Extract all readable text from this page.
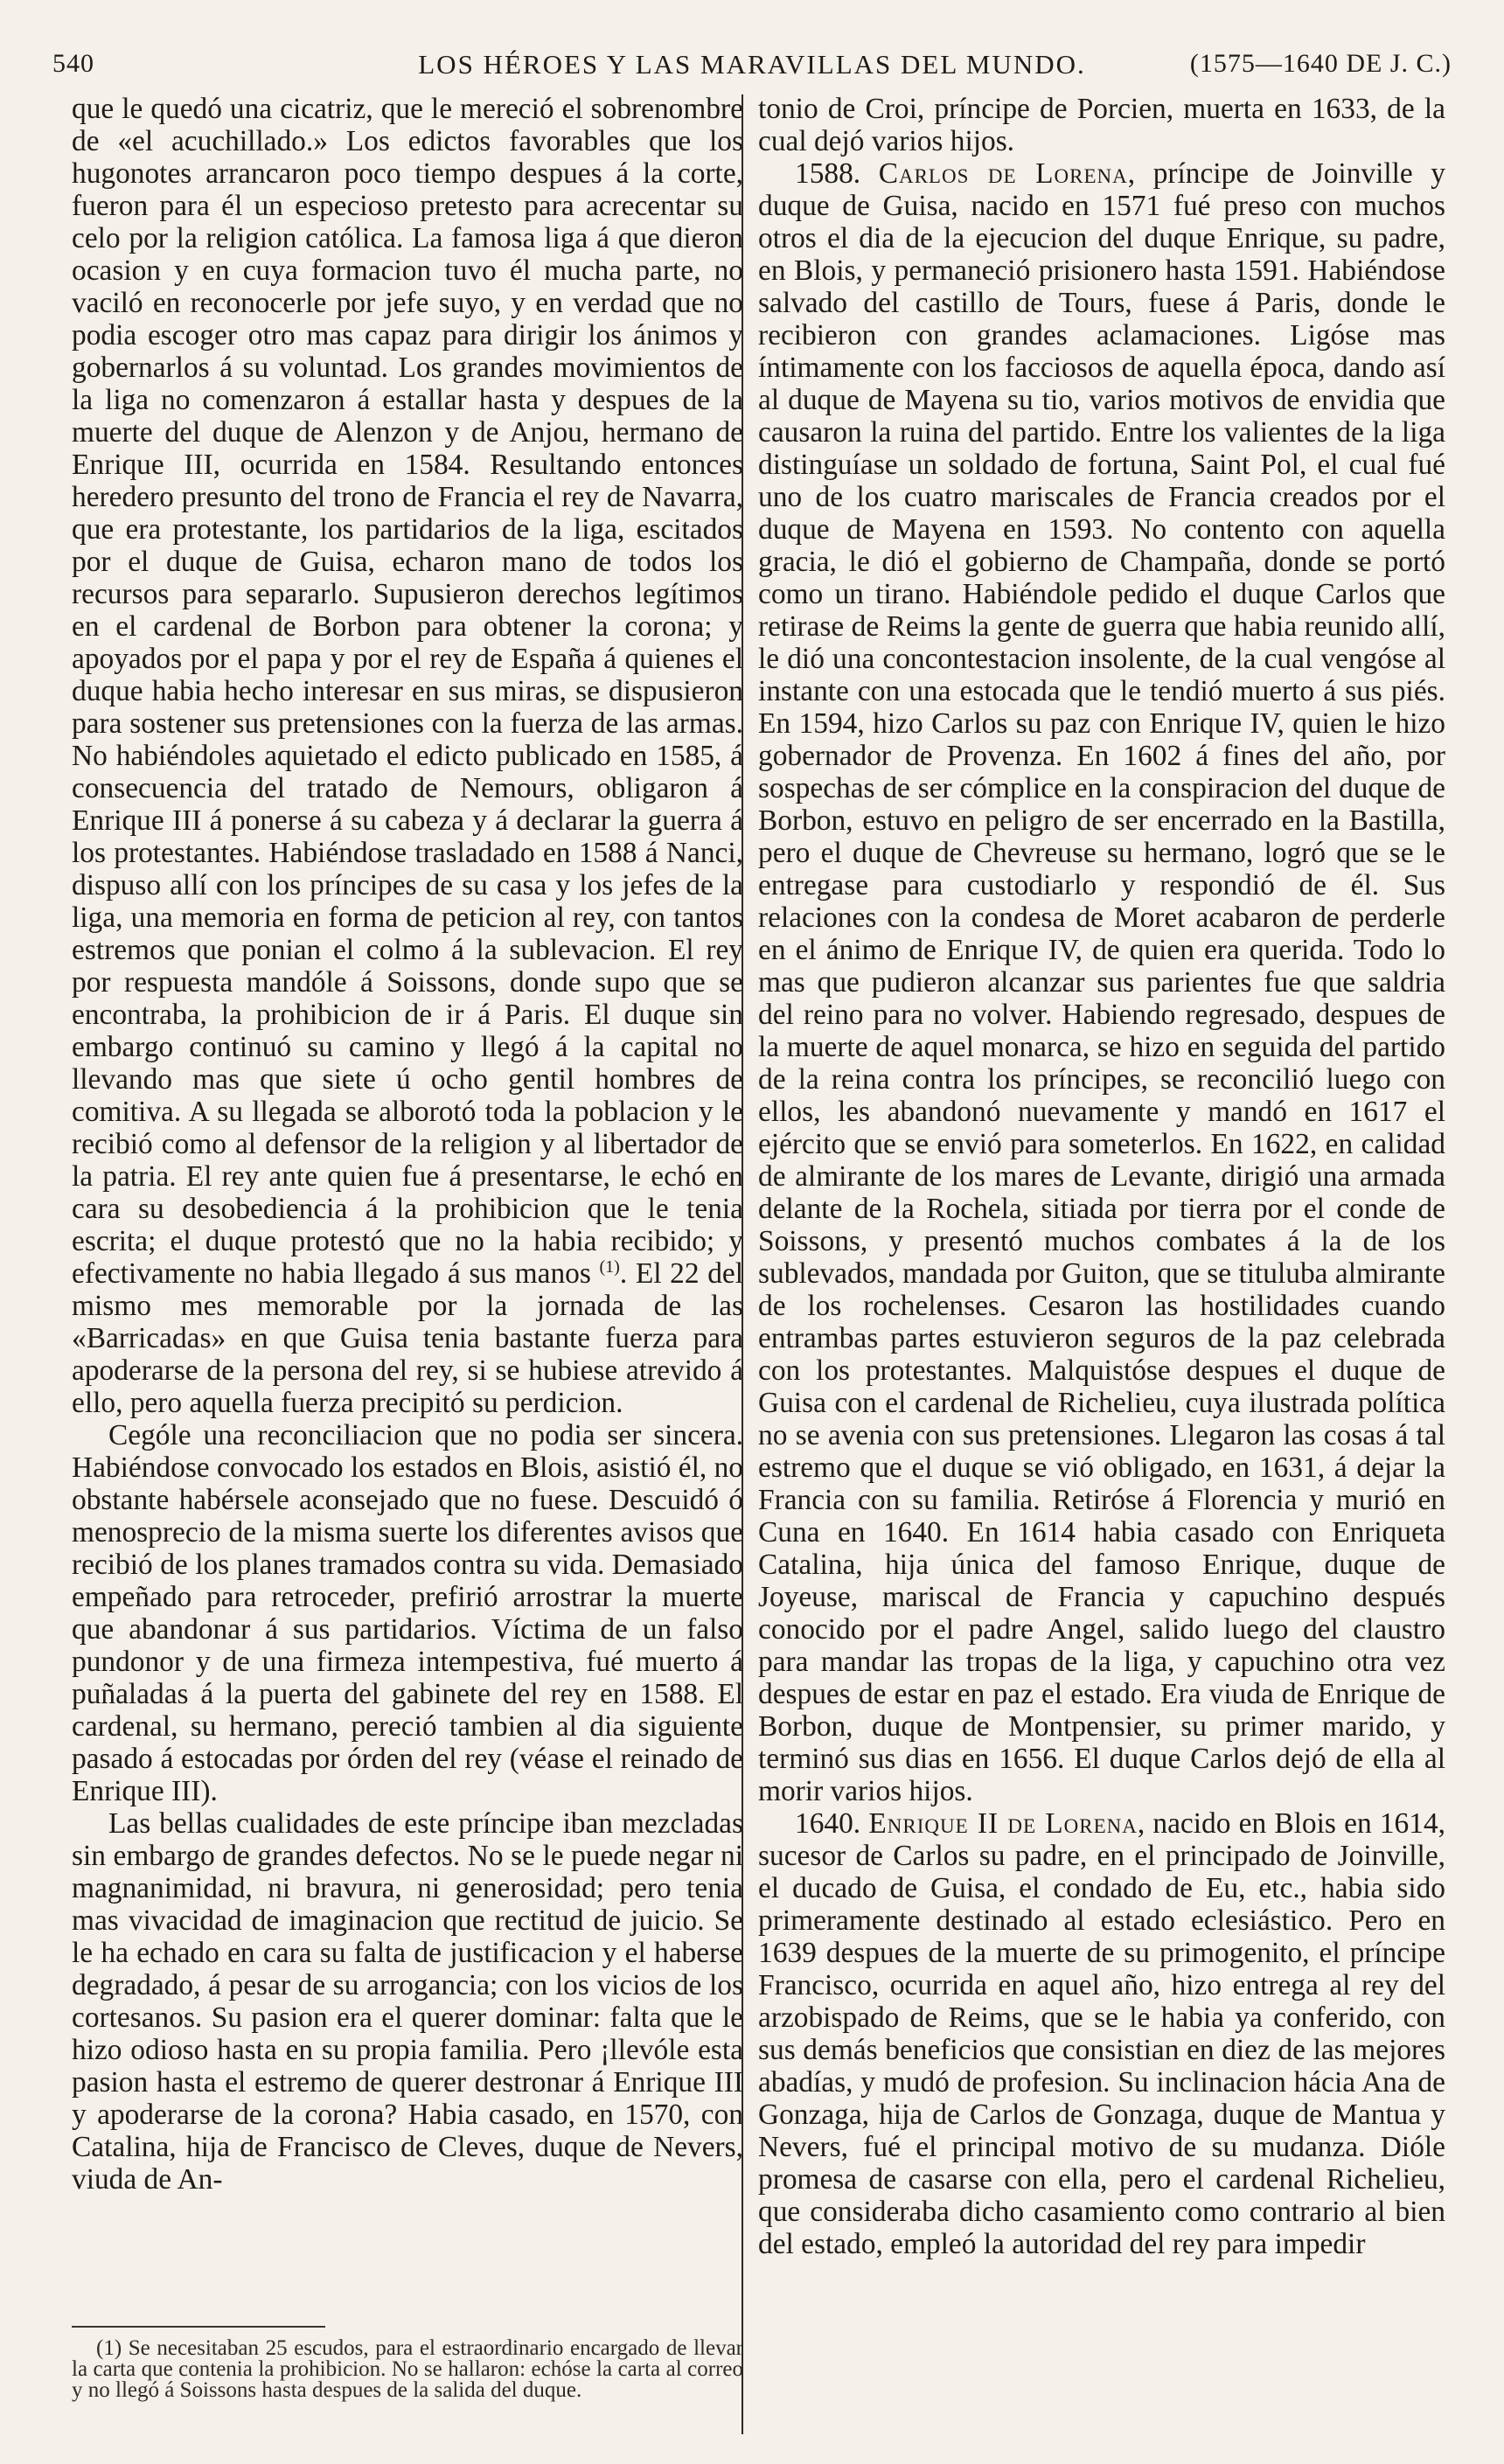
540	LOS HÉROES Y LAS MARAVILLAS DEL MUNDO.	(1575—1640 DE J. C.)

que le quedó una cicatriz, que le mereció el sobrenombre de «el acuchillado.» Los edictos favorables que los hugonotes arrancaron poco tiempo despues á la corte, fueron para él un especioso pretesto para acrecentar su celo por la religion católica. La famosa liga á que dieron ocasion y en cuya formacion tuvo él mucha parte, no vaciló en reconocerle por jefe suyo, y en verdad que no podia escoger otro mas capaz para dirigir los ánimos y gobernarlos á su voluntad. Los grandes movimientos de la liga no comenzaron á estallar hasta y despues de la muerte del duque de Alenzon y de Anjou, hermano de Enrique III, ocurrida en 1584. Resultando entonces heredero presunto del trono de Francia el rey de Navarra, que era protestante, los partidarios de la liga, escitados por el duque de Guisa, echaron mano de todos los recursos para separarlo. Supusieron derechos legítimos en el cardenal de Borbon para obtener la corona; y apoyados por el papa y por el rey de España á quienes el duque habia hecho interesar en sus miras, se dispusieron para sostener sus pretensiones con la fuerza de las armas. No habiéndoles aquietado el edicto publicado en 1585, á consecuencia del tratado de Nemours, obligaron á Enrique III á ponerse á su cabeza y á declarar la guerra á los protestantes. Habiéndose trasladado en 1588 á Nanci, dispuso allí con los príncipes de su casa y los jefes de la liga, una memoria en forma de peticion al rey, con tantos estremos que ponian el colmo á la sublevacion. El rey por respuesta mandóle á Soissons, donde supo que se encontraba, la prohibicion de ir á Paris. El duque sin embargo continuó su camino y llegó á la capital no llevando mas que siete ú ocho gentil hombres de comitiva. A su llegada se alborotó toda la poblacion y le recibió como al defensor de la religion y al libertador de la patria. El rey ante quien fue á presentarse, le echó en cara su desobediencia á la prohibicion que le tenia escrita; el duque protestó que no la habia recibido; y efectivamente no habia llegado á sus manos $^{(1)}$. El 22 del mismo mes memorable por la jornada de las «Barricadas» en que Guisa tenia bastante fuerza para apoderarse de la persona del rey, si se hubiese atrevido á ello, pero aquella fuerza precipitó su perdicion.

Cególe una reconciliacion que no podia ser sincera. Habiéndose convocado los estados en Blois, asistió él, no obstante habérsele aconsejado que no fuese. Descuidó ó menosprecio de la misma suerte los diferentes avisos que recibió de los planes tramados contra su vida. Demasiado empeñado para retroceder, prefirió arrostrar la muerte que abandonar á sus partidarios. Víctima de un falso pundonor y de una firmeza intempestiva, fué muerto á puñaladas á la puerta del gabinete del rey en 1588. El cardenal, su hermano, pereció tambien al dia siguiente pasado á estocadas por órden del rey (véase el reinado de Enrique III).

Las bellas cualidades de este príncipe iban mezcladas sin embargo de grandes defectos. No se le puede negar ni magnanimidad, ni bravura, ni generosidad; pero tenia mas vivacidad de imaginacion que rectitud de juicio. Se le ha echado en cara su falta de justificacion y el haberse degradado, á pesar de su arrogancia; con los vicios de los cortesanos. Su pasion era el querer dominar: falta que le hizo odioso hasta en su propia familia. Pero ¡llevóle esta pasion hasta el estremo de querer destronar á Enrique III y apoderarse de la corona? Habia casado, en 1570, con Catalina, hija de Francisco de Cleves, duque de Nevers, viuda de An-

tonio de Croi, príncipe de Porcien, muerta en 1633, de la cual dejó varios hijos.

1588. Carlos de Lorena, príncipe de Joinville y duque de Guisa, nacido en 1571 fué preso con muchos otros el dia de la ejecucion del duque Enrique, su padre, en Blois, y permaneció prisionero hasta 1591. Habiéndose salvado del castillo de Tours, fuese á Paris, donde le recibieron con grandes aclamaciones. Ligóse mas íntimamente con los facciosos de aquella época, dando así al duque de Mayena su tio, varios motivos de envidia que causaron la ruina del partido. Entre los valientes de la liga distinguíase un soldado de fortuna, Saint Pol, el cual fué uno de los cuatro mariscales de Francia creados por el duque de Mayena en 1593. No contento con aquella gracia, le dió el gobierno de Champaña, donde se portó como un tirano. Habiéndole pedido el duque Carlos que retirase de Reims la gente de guerra que habia reunido allí, le dió una concontestacion insolente, de la cual vengóse al instante con una estocada que le tendió muerto á sus piés. En 1594, hizo Carlos su paz con Enrique IV, quien le hizo gobernador de Provenza. En 1602 á fines del año, por sospechas de ser cómplice en la conspiracion del duque de Borbon, estuvo en peligro de ser encerrado en la Bastilla, pero el duque de Chevreuse su hermano, logró que se le entregase para custodiarlo y respondió de él. Sus relaciones con la condesa de Moret acabaron de perderle en el ánimo de Enrique IV, de quien era querida. Todo lo mas que pudieron alcanzar sus parientes fue que saldria del reino para no volver. Habiendo regresado, despues de la muerte de aquel monarca, se hizo en seguida del partido de la reina contra los príncipes, se reconcilió luego con ellos, les abandonó nuevamente y mandó en 1617 el ejército que se envió para someterlos. En 1622, en calidad de almirante de los mares de Levante, dirigió una armada delante de la Rochela, sitiada por tierra por el conde de Soissons, y presentó muchos combates á la de los sublevados, mandada por Guiton, que se tituluba almirante de los rochelenses. Cesaron las hostilidades cuando entrambas partes estuvieron seguros de la paz celebrada con los protestantes. Malquistóse despues el duque de Guisa con el cardenal de Richelieu, cuya ilustrada política no se avenia con sus pretensiones. Llegaron las cosas á tal estremo que el duque se vió obligado, en 1631, á dejar la Francia con su familia. Retiróse á Florencia y murió en Cuna en 1640. En 1614 habia casado con Enriqueta Catalina, hija única del famoso Enrique, duque de Joyeuse, mariscal de Francia y capuchino después conocido por el padre Angel, salido luego del claustro para mandar las tropas de la liga, y capuchino otra vez despues de estar en paz el estado. Era viuda de Enrique de Borbon, duque de Montpensier, su primer marido, y terminó sus dias en 1656. El duque Carlos dejó de ella al morir varios hijos.

1640. Enrique II de Lorena, nacido en Blois en 1614, sucesor de Carlos su padre, en el principado de Joinville, el ducado de Guisa, el condado de Eu, etc., habia sido primeramente destinado al estado eclesiástico. Pero en 1639 despues de la muerte de su primogenito, el príncipe Francisco, ocurrida en aquel año, hizo entrega al rey del arzobispado de Reims, que se le habia ya conferido, con sus demás beneficios que consistian en diez de las mejores abadías, y mudó de profesion. Su inclinacion hácia Ana de Gonzaga, hija de Carlos de Gonzaga, duque de Mantua y Nevers, fué el principal motivo de su mudanza. Dióle promesa de casarse con ella, pero el cardenal Richelieu, que consideraba dicho casamiento como contrario al bien del estado, empleó la autoridad del rey para impedir

(1) Se necesitaban 25 escudos, para el estraordinario encargado de llevar la carta que contenia la prohibicion. No se hallaron: echóse la carta al correo y no llegó á Soissons hasta despues de la salida del duque.
